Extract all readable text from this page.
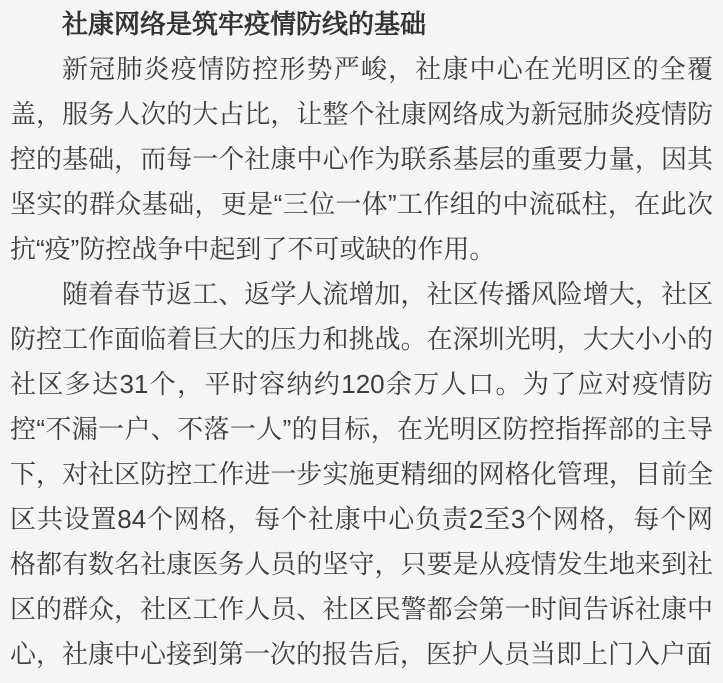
社康网络是筑牢疫情防线的基础

新冠肺炎疫情防控形势严峻，社康中心在光明区的全覆盖，服务人次的大占比，让整个社康网络成为新冠肺炎疫情防控的基础，而每一个社康中心作为联系基层的重要力量，因其坚实的群众基础，更是“三位一体”工作组的中流砥柱，在此次抗“疫”防控战争中起到了不可或缺的作用。

随着春节返工、返学人流增加，社区传播风险增大，社区防控工作面临着巨大的压力和挑战。在深圳光明，大大小小的社区多达31个，平时容纳约120余万人口。为了应对疫情防控“不漏一户、不落一人”的目标，在光明区防控指挥部的主导下，对社区防控工作进一步实施更精细的网格化管理，目前全区共设置84个网格，每个社康中心负责2至3个网格，每个网格都有数名社康医务人员的坚守，只要是从疫情发生地来到社区的群众，社区工作人员、社区民警都会第一时间告诉社康中心，社康中心接到第一次的报告后，医护人员当即上门入户面
